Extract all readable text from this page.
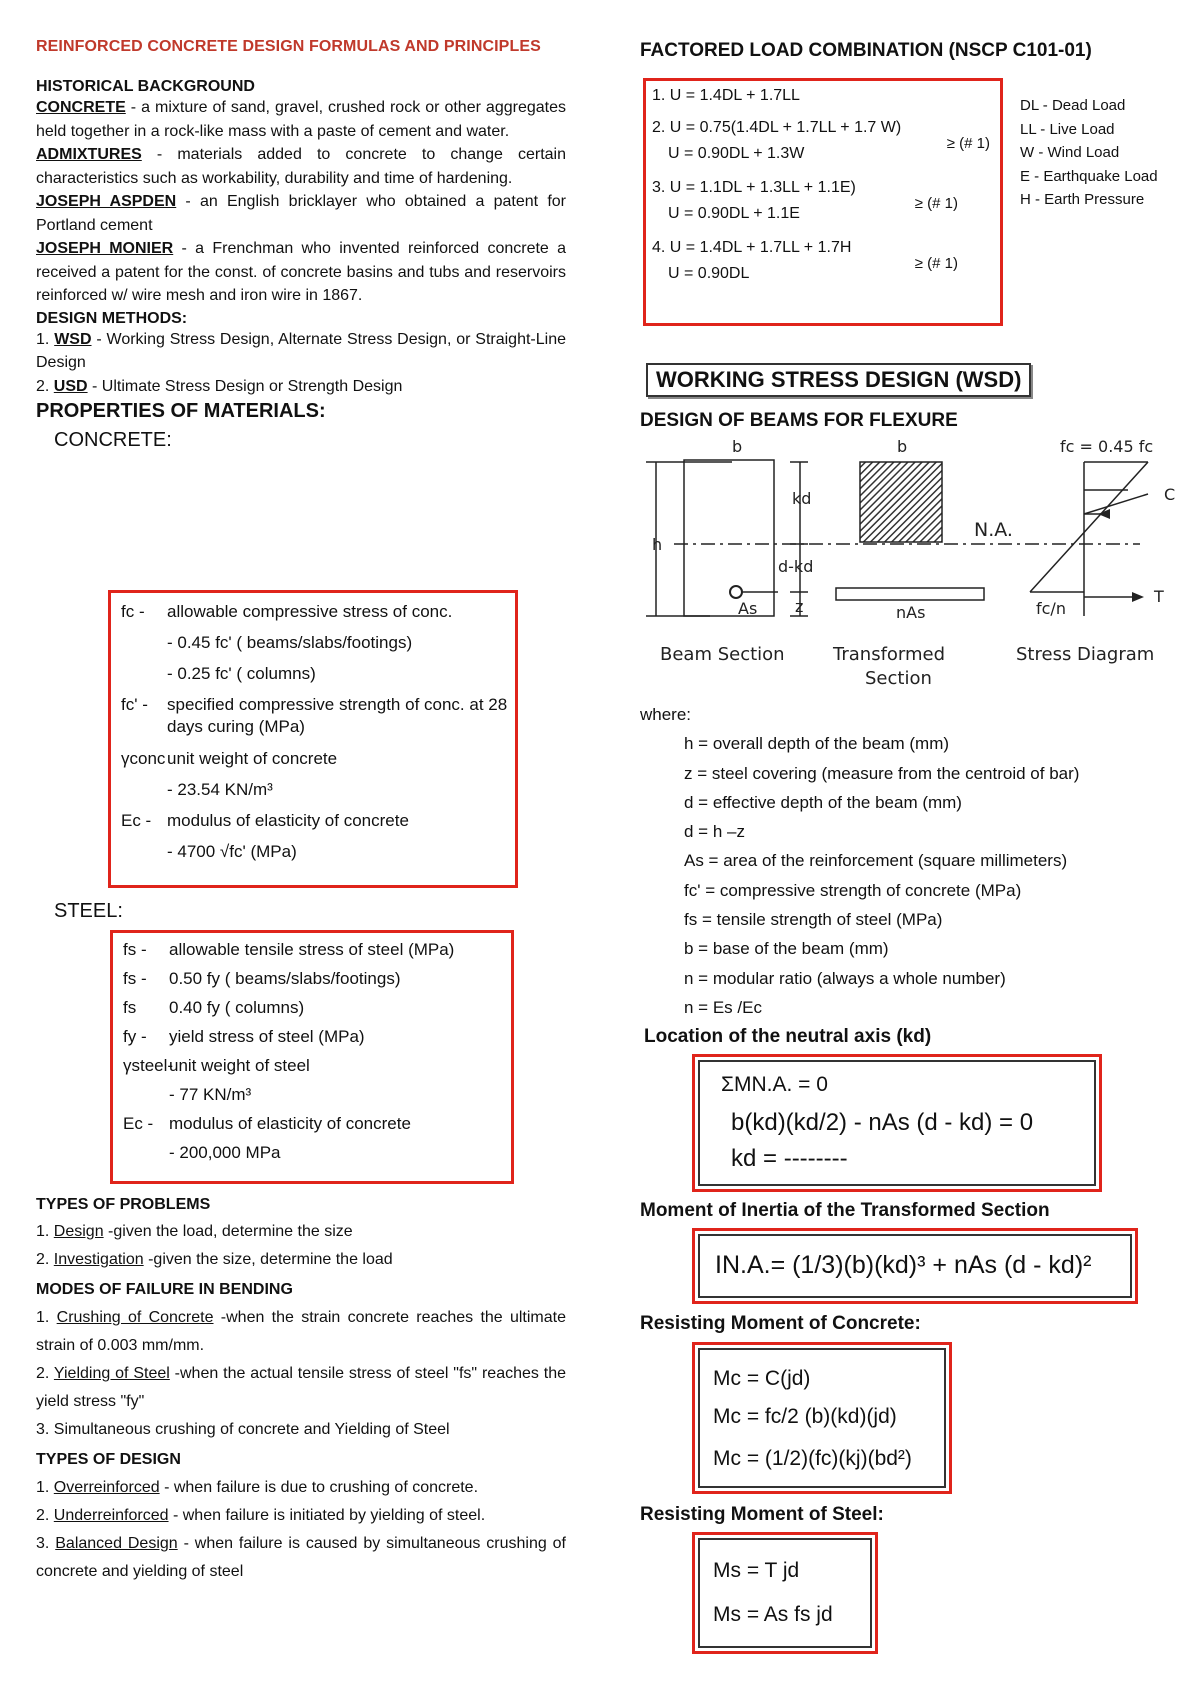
REINFORCED CONCRETE DESIGN FORMULAS AND PRINCIPLES
HISTORICAL BACKGROUND
CONCRETE - a mixture of sand, gravel, crushed rock or other aggregates held together in a rock-like mass with a paste of cement and water.
ADMIXTURES - materials added to concrete to change certain characteristics such as workability, durability and time of hardening.
JOSEPH ASPDEN - an English bricklayer who obtained a patent for Portland cement
JOSEPH MONIER - a Frenchman who invented reinforced concrete a received a patent for the const. of concrete basins and tubs and reservoirs reinforced w/ wire mesh and iron wire in 1867.
DESIGN METHODS:
1. WSD - Working Stress Design, Alternate Stress Design, or Straight-Line Design
2. USD - Ultimate Stress Design or Strength Design
PROPERTIES OF MATERIALS:
CONCRETE:
fc -	allowable compressive stress of conc.
- 0.45 fc' ( beams/slabs/footings)
- 0.25 fc' ( columns)
fc' -	specified compressive strength of conc. at 28 days curing (MPa)
γconc unit weight of concrete
- 23.54 KN/m³
Ec - modulus of elasticity of concrete
- 4700 √fc' (MPa)
STEEL:
fs -	allowable tensile stress of steel (MPa)
fs -	0.50 fy ( beams/slabs/footings)
fs	0.40 fy ( columns)
fy -	yield stress of steel (MPa)
γsteel-
unit weight of steel
- 77 KN/m³
Ec - modulus of elasticity of concrete
- 200,000 MPa
TYPES OF PROBLEMS
1. Design -given the load, determine the size
2. Investigation -given the size, determine the load
MODES OF FAILURE IN BENDING
1. Crushing of Concrete -when the strain concrete reaches the ultimate strain of 0.003 mm/mm.
2. Yielding of Steel -when the actual tensile stress of steel "fs" reaches the yield stress "fy"
3. Simultaneous crushing of concrete and Yielding of Steel
TYPES OF DESIGN
1. Overreinforced - when failure is due to crushing of concrete.
2. Underreinforced - when failure is initiated by yielding of steel.
3. Balanced Design - when failure is caused by simultaneous crushing of concrete and yielding of steel
FACTORED LOAD COMBINATION (NSCP C101-01)
1. U = 1.4DL + 1.7LL
2. U = 0.75(1.4DL + 1.7LL + 1.7 W)
U = 0.90DL + 1.3W
≥ (# 1)
3. U = 1.1DL + 1.3LL + 1.1E)
U = 0.90DL + 1.1E
≥ (# 1)
4. U = 1.4DL + 1.7LL + 1.7H
U = 0.90DL
≥ (# 1)
DL - Dead Load
LL - Live Load
W - Wind Load
E - Earthquake Load
H - Earth Pressure
WORKING STRESS DESIGN (WSD)
DESIGN OF BEAMS FOR FLEXURE
b
h
kd
d-kd
As z
b
nAs
N.A.
fc = 0.45 fc
C
T
fc/n
Beam Section	Transformed
Section
Stress Diagram
where:
h = overall depth of the beam (mm)
z = steel covering (measure from the centroid of bar)
d = effective depth of the beam (mm)
d = h –z
As = area of the reinforcement (square millimeters)
fc' = compressive strength of concrete (MPa)
fs = tensile strength of steel (MPa)
b = base of the beam (mm)
n = modular ratio (always a whole number)
n = Es /Ec
Location of the neutral axis (kd)
ΣMN.A. = 0
b(kd)(kd/2) - nAs (d - kd) = 0
kd = --------
Moment of Inertia of the Transformed Section
IN.A.= (1/3)(b)(kd)³ + nAs (d - kd)²
Resisting Moment of Concrete:
Mc = C(jd)
Mc = fc/2 (b)(kd)(jd)
Mc = (1/2)(fc)(kj)(bd²)
Resisting Moment of Steel:
Ms = T jd
Ms = As fs jd
